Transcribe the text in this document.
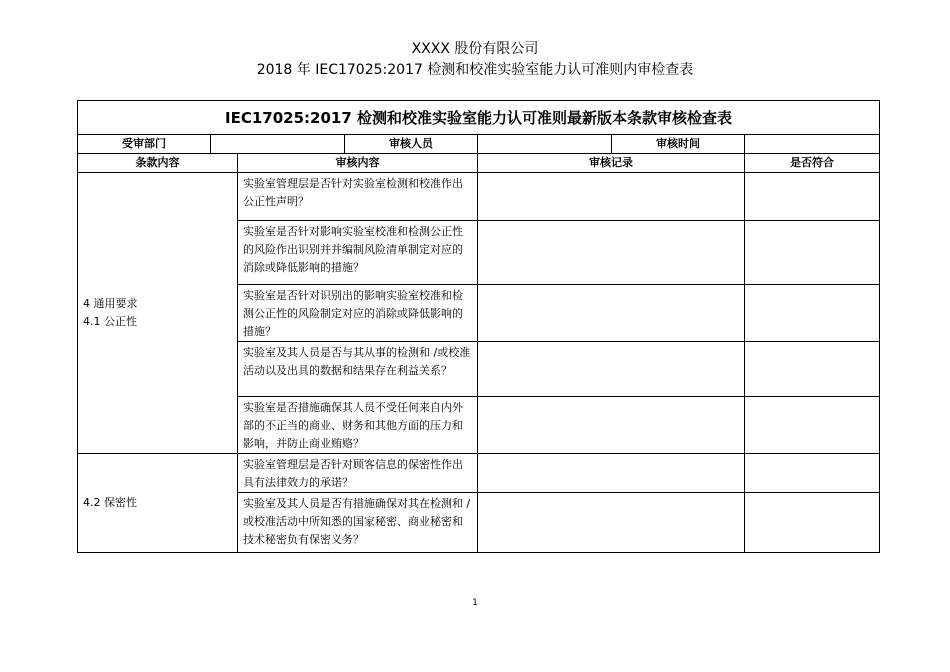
XXXX 股份有限公司
2018 年 IEC17025:2017 检测和校准实验室能力认可准则内审检查表
IEC17025:2017 检测和校准实验室能力认可准则最新版本条款审核检查表						
受审部门			审核人员		审核时间	
条款内容		审核内容		审核记录		是否符合
4 通用要求
4.1 公正性		实验室管理层是否针对实验室检测和校准作出公正性声明？				
		实验室是否针对影响实验室校准和检测公正性的风险作出识别并并编制风险清单制定对应的消除或降低影响的措施？				
		实验室是否针对识别出的影响实验室校准和检测公正性的风险制定对应的消除或降低影响的措施？				
		实验室及其人员是否与其从事的检测和 /或校准活动以及出具的数据和结果存在利益关系？				
		实验室是否措施确保其人员不受任何来自内外部的不正当的商业、财务和其他方面的压力和影响，并防止商业贿赂？				
4.2 保密性		实验室管理层是否针对顾客信息的保密性作出具有法律效力的承诺？				
		实验室及其人员是否有措施确保对其在检测和 /或校准活动中所知悉的国家秘密、商业秘密和技术秘密负有保密义务？				
1
